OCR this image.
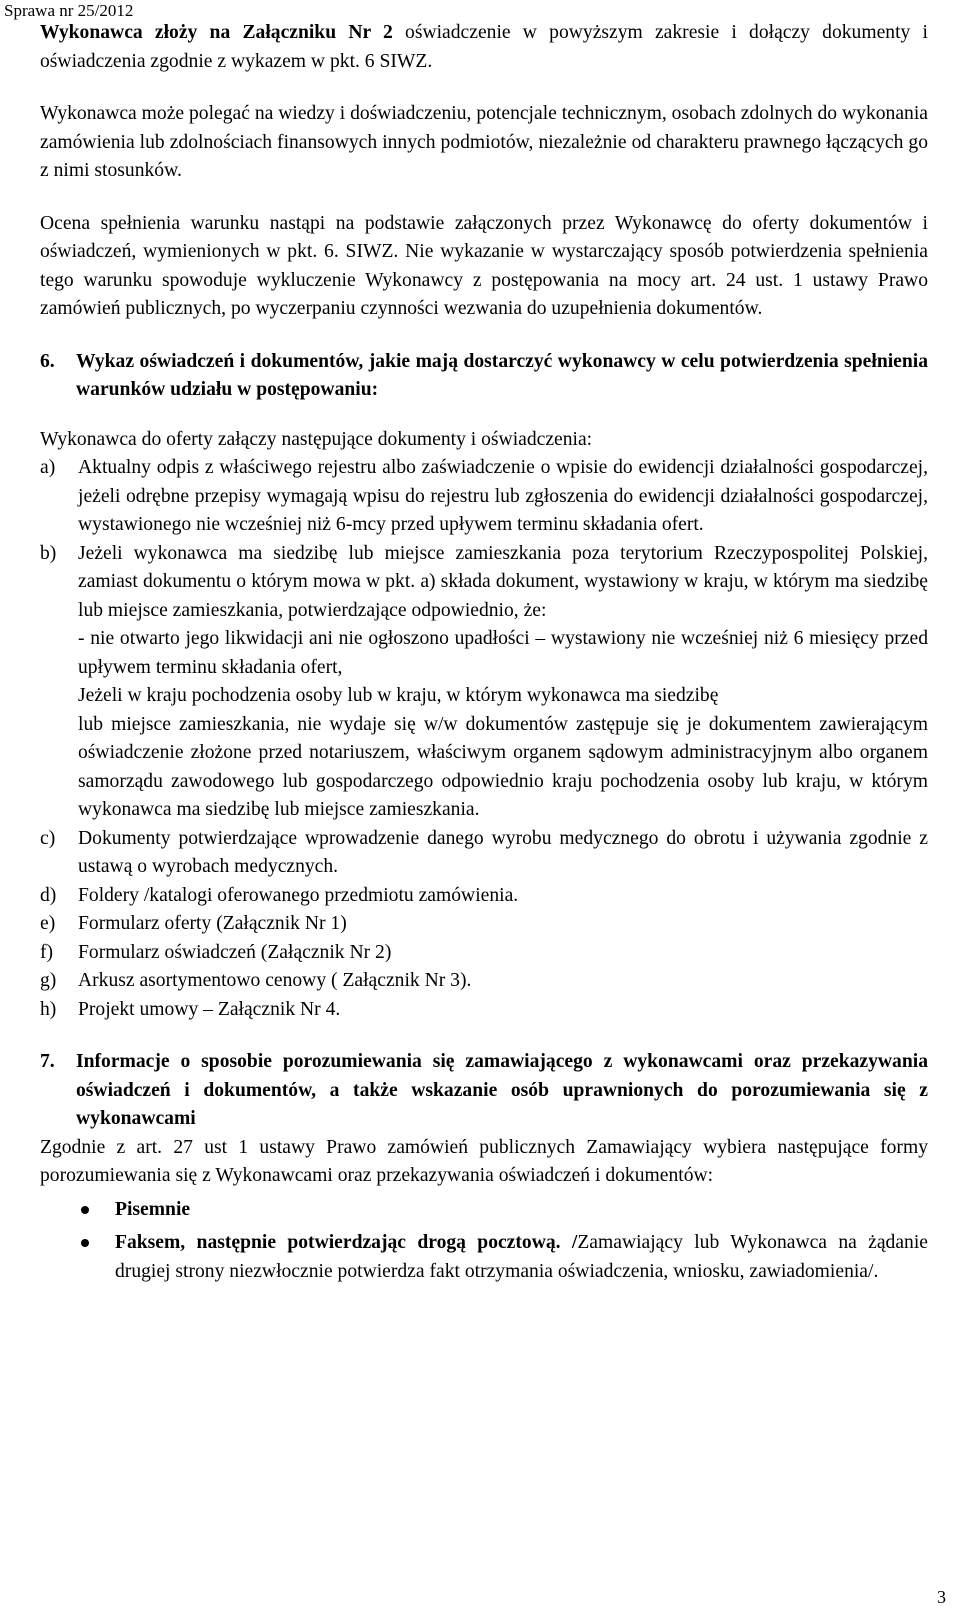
Sprawa nr 25/2012

Wykonawca złoży na Załączniku Nr 2 oświadczenie w powyższym zakresie i dołączy dokumenty i oświadczenia zgodnie z wykazem w pkt. 6 SIWZ.

Wykonawca może polegać na wiedzy i doświadczeniu, potencjale technicznym, osobach zdolnych do wykonania zamówienia lub zdolnościach finansowych innych podmiotów, niezależnie od charakteru prawnego łączących go z nimi stosunków.

Ocena spełnienia warunku nastąpi na podstawie załączonych przez Wykonawcę do oferty dokumentów i oświadczeń, wymienionych w pkt. 6. SIWZ. Nie wykazanie w wystarczający sposób potwierdzenia spełnienia tego warunku spowoduje wykluczenie Wykonawcy z postępowania na mocy art. 24 ust. 1 ustawy Prawo zamówień publicznych, po wyczerpaniu czynności wezwania do uzupełnienia dokumentów.

6.	Wykaz oświadczeń i dokumentów, jakie mają dostarczyć wykonawcy w celu potwierdzenia spełnienia warunków udziału w postępowaniu:

Wykonawca do oferty załączy następujące dokumenty i oświadczenia:

a)	Aktualny odpis z właściwego rejestru albo zaświadczenie o wpisie do ewidencji działalności gospodarczej, jeżeli odrębne przepisy wymagają wpisu do rejestru lub zgłoszenia do ewidencji działalności gospodarczej, wystawionego nie wcześniej niż 6-mcy przed upływem terminu składania ofert.
b)	Jeżeli wykonawca ma siedzibę lub miejsce zamieszkania poza terytorium Rzeczypospolitej Polskiej, zamiast dokumentu o którym mowa w pkt. a) składa dokument, wystawiony w kraju, w którym ma siedzibę lub miejsce zamieszkania, potwierdzające odpowiednio, że:

- nie otwarto jego likwidacji ani nie ogłoszono upadłości – wystawiony nie wcześniej niż 6 miesięcy przed upływem terminu składania ofert,

Jeżeli w kraju pochodzenia osoby lub w kraju, w którym wykonawca ma siedzibę

lub miejsce zamieszkania, nie wydaje się w/w dokumentów zastępuje się je dokumentem zawierającym oświadczenie złożone przed notariuszem, właściwym organem sądowym administracyjnym albo organem samorządu zawodowego lub gospodarczego odpowiednio kraju pochodzenia osoby lub kraju, w którym wykonawca ma siedzibę lub miejsce zamieszkania.

c)	Dokumenty potwierdzające wprowadzenie danego wyrobu medycznego do obrotu i używania zgodnie z ustawą o wyrobach medycznych.
d)	Foldery /katalogi oferowanego przedmiotu zamówienia.
e)	Formularz oferty (Załącznik Nr 1)
f)	Formularz oświadczeń (Załącznik Nr 2)
g)	Arkusz asortymentowo cenowy ( Załącznik Nr 3).
h)	Projekt umowy – Załącznik Nr 4.
7.	Informacje o sposobie porozumiewania się zamawiającego z wykonawcami oraz przekazywania oświadczeń i dokumentów, a także wskazanie osób uprawnionych do porozumiewania się z wykonawcami

Zgodnie z art. 27 ust 1 ustawy Prawo zamówień publicznych Zamawiający wybiera następujące formy porozumiewania się z Wykonawcami oraz przekazywania oświadczeń i dokumentów:

Pisemnie
Faksem, następnie potwierdzając drogą pocztową. /Zamawiający lub Wykonawca na żądanie drugiej strony niezwłocznie potwierdza fakt otrzymania oświadczenia, wniosku, zawiadomienia/.
3
